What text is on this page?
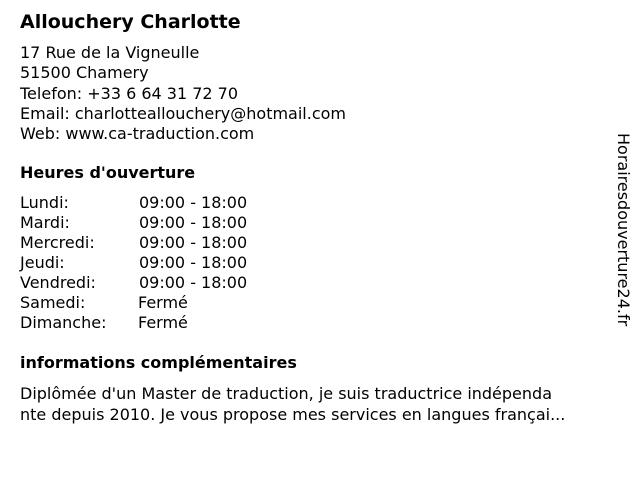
Allouchery Charlotte
17 Rue de la Vigneulle
51500 Chamery
Telefon: +33 6 64 31 72 70
Email: charlotteallouchery@hotmail.com
Web: www.ca-traduction.com
Heures d'ouverture
Lundi:	09:00 - 18:00
Mardi:	09:00 - 18:00
Mercredi:	09:00 - 18:00
Jeudi:	09:00 - 18:00
Vendredi:	09:00 - 18:00
Samedi:	Fermé
Dimanche: Fermé
informations complémentaires
Diplômée d'un Master de traduction, je suis traductrice indépenda
nte depuis 2010. Je vous propose mes services en langues françai...
Horairesdouverture24.fr
